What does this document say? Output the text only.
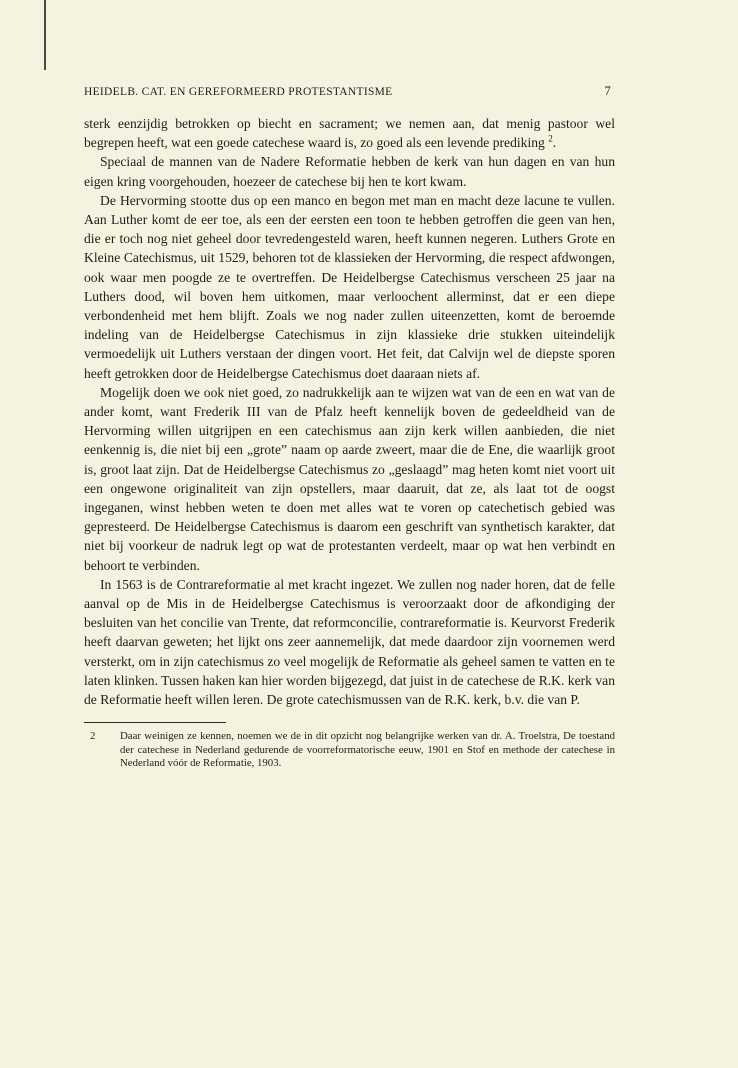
HEIDELB. CAT. EN GEREFORMEERD PROTESTANTISME	7

sterk eenzijdig betrokken op biecht en sacrament; we nemen aan, dat menig pastoor wel begrepen heeft, wat een goede catechese waard is, zo goed als een levende prediking $^2$.

Speciaal de mannen van de Nadere Reformatie hebben de kerk van hun dagen en van hun eigen kring voorgehouden, hoezeer de catechese bij hen te kort kwam.

De Hervorming stootte dus op een manco en begon met man en macht deze lacune te vullen. Aan Luther komt de eer toe, als een der eersten een toon te hebben getroffen die geen van hen, die er toch nog niet geheel door tevredengesteld waren, heeft kunnen negeren. Luthers Grote en Kleine Catechismus, uit 1529, behoren tot de klassieken der Hervorming, die respect afdwongen, ook waar men poogde ze te overtreffen. De Heidelbergse Catechismus verscheen 25 jaar na Luthers dood, wil boven hem uitkomen, maar verloochent allerminst, dat er een diepe verbondenheid met hem blijft. Zoals we nog nader zullen uiteenzetten, komt de beroemde indeling van de Heidelbergse Catechismus in zijn klassieke drie stukken uiteindelijk vermoedelijk uit Luthers verstaan der dingen voort. Het feit, dat Calvijn wel de diepste sporen heeft getrokken door de Heidelbergse Catechismus doet daaraan niets af.

Mogelijk doen we ook niet goed, zo nadrukkelijk aan te wijzen wat van de een en wat van de ander komt, want Frederik III van de Pfalz heeft kennelijk boven de gedeeldheid van de Hervorming willen uitgrijpen en een catechismus aan zijn kerk willen aanbieden, die niet eenkennig is, die niet bij een „grote” naam op aarde zweert, maar die de Ene, die waarlijk groot is, groot laat zijn. Dat de Heidelbergse Catechismus zo „geslaagd” mag heten komt niet voort uit een ongewone originaliteit van zijn opstellers, maar daaruit, dat ze, als laat tot de oogst ingeganen, winst hebben weten te doen met alles wat te voren op catechetisch gebied was gepresteerd. De Heidelbergse Catechismus is daarom een geschrift van synthetisch karakter, dat niet bij voorkeur de nadruk legt op wat de protestanten verdeelt, maar op wat hen verbindt en behoort te verbinden.

In 1563 is de Contrareformatie al met kracht ingezet. We zullen nog nader horen, dat de felle aanval op de Mis in de Heidelbergse Catechismus is veroorzaakt door de afkondiging der besluiten van het concilie van Trente, dat reformconcilie, contrareformatie is. Keurvorst Frederik heeft daarvan geweten; het lijkt ons zeer aannemelijk, dat mede daardoor zijn voornemen werd versterkt, om in zijn catechismus zo veel mogelijk de Reformatie als geheel samen te vatten en te laten klinken. Tussen haken kan hier worden bijgezegd, dat juist in de catechese de R.K. kerk van de Reformatie heeft willen leren. De grote catechismussen van de R.K. kerk, b.v. die van P.

2	Daar weinigen ze kennen, noemen we de in dit opzicht nog belangrijke werken van dr. A. Troelstra, De toestand der catechese in Nederland gedurende de voorreformatorische eeuw, 1901 en Stof en methode der catechese in Nederland vóór de Reformatie, 1903.
